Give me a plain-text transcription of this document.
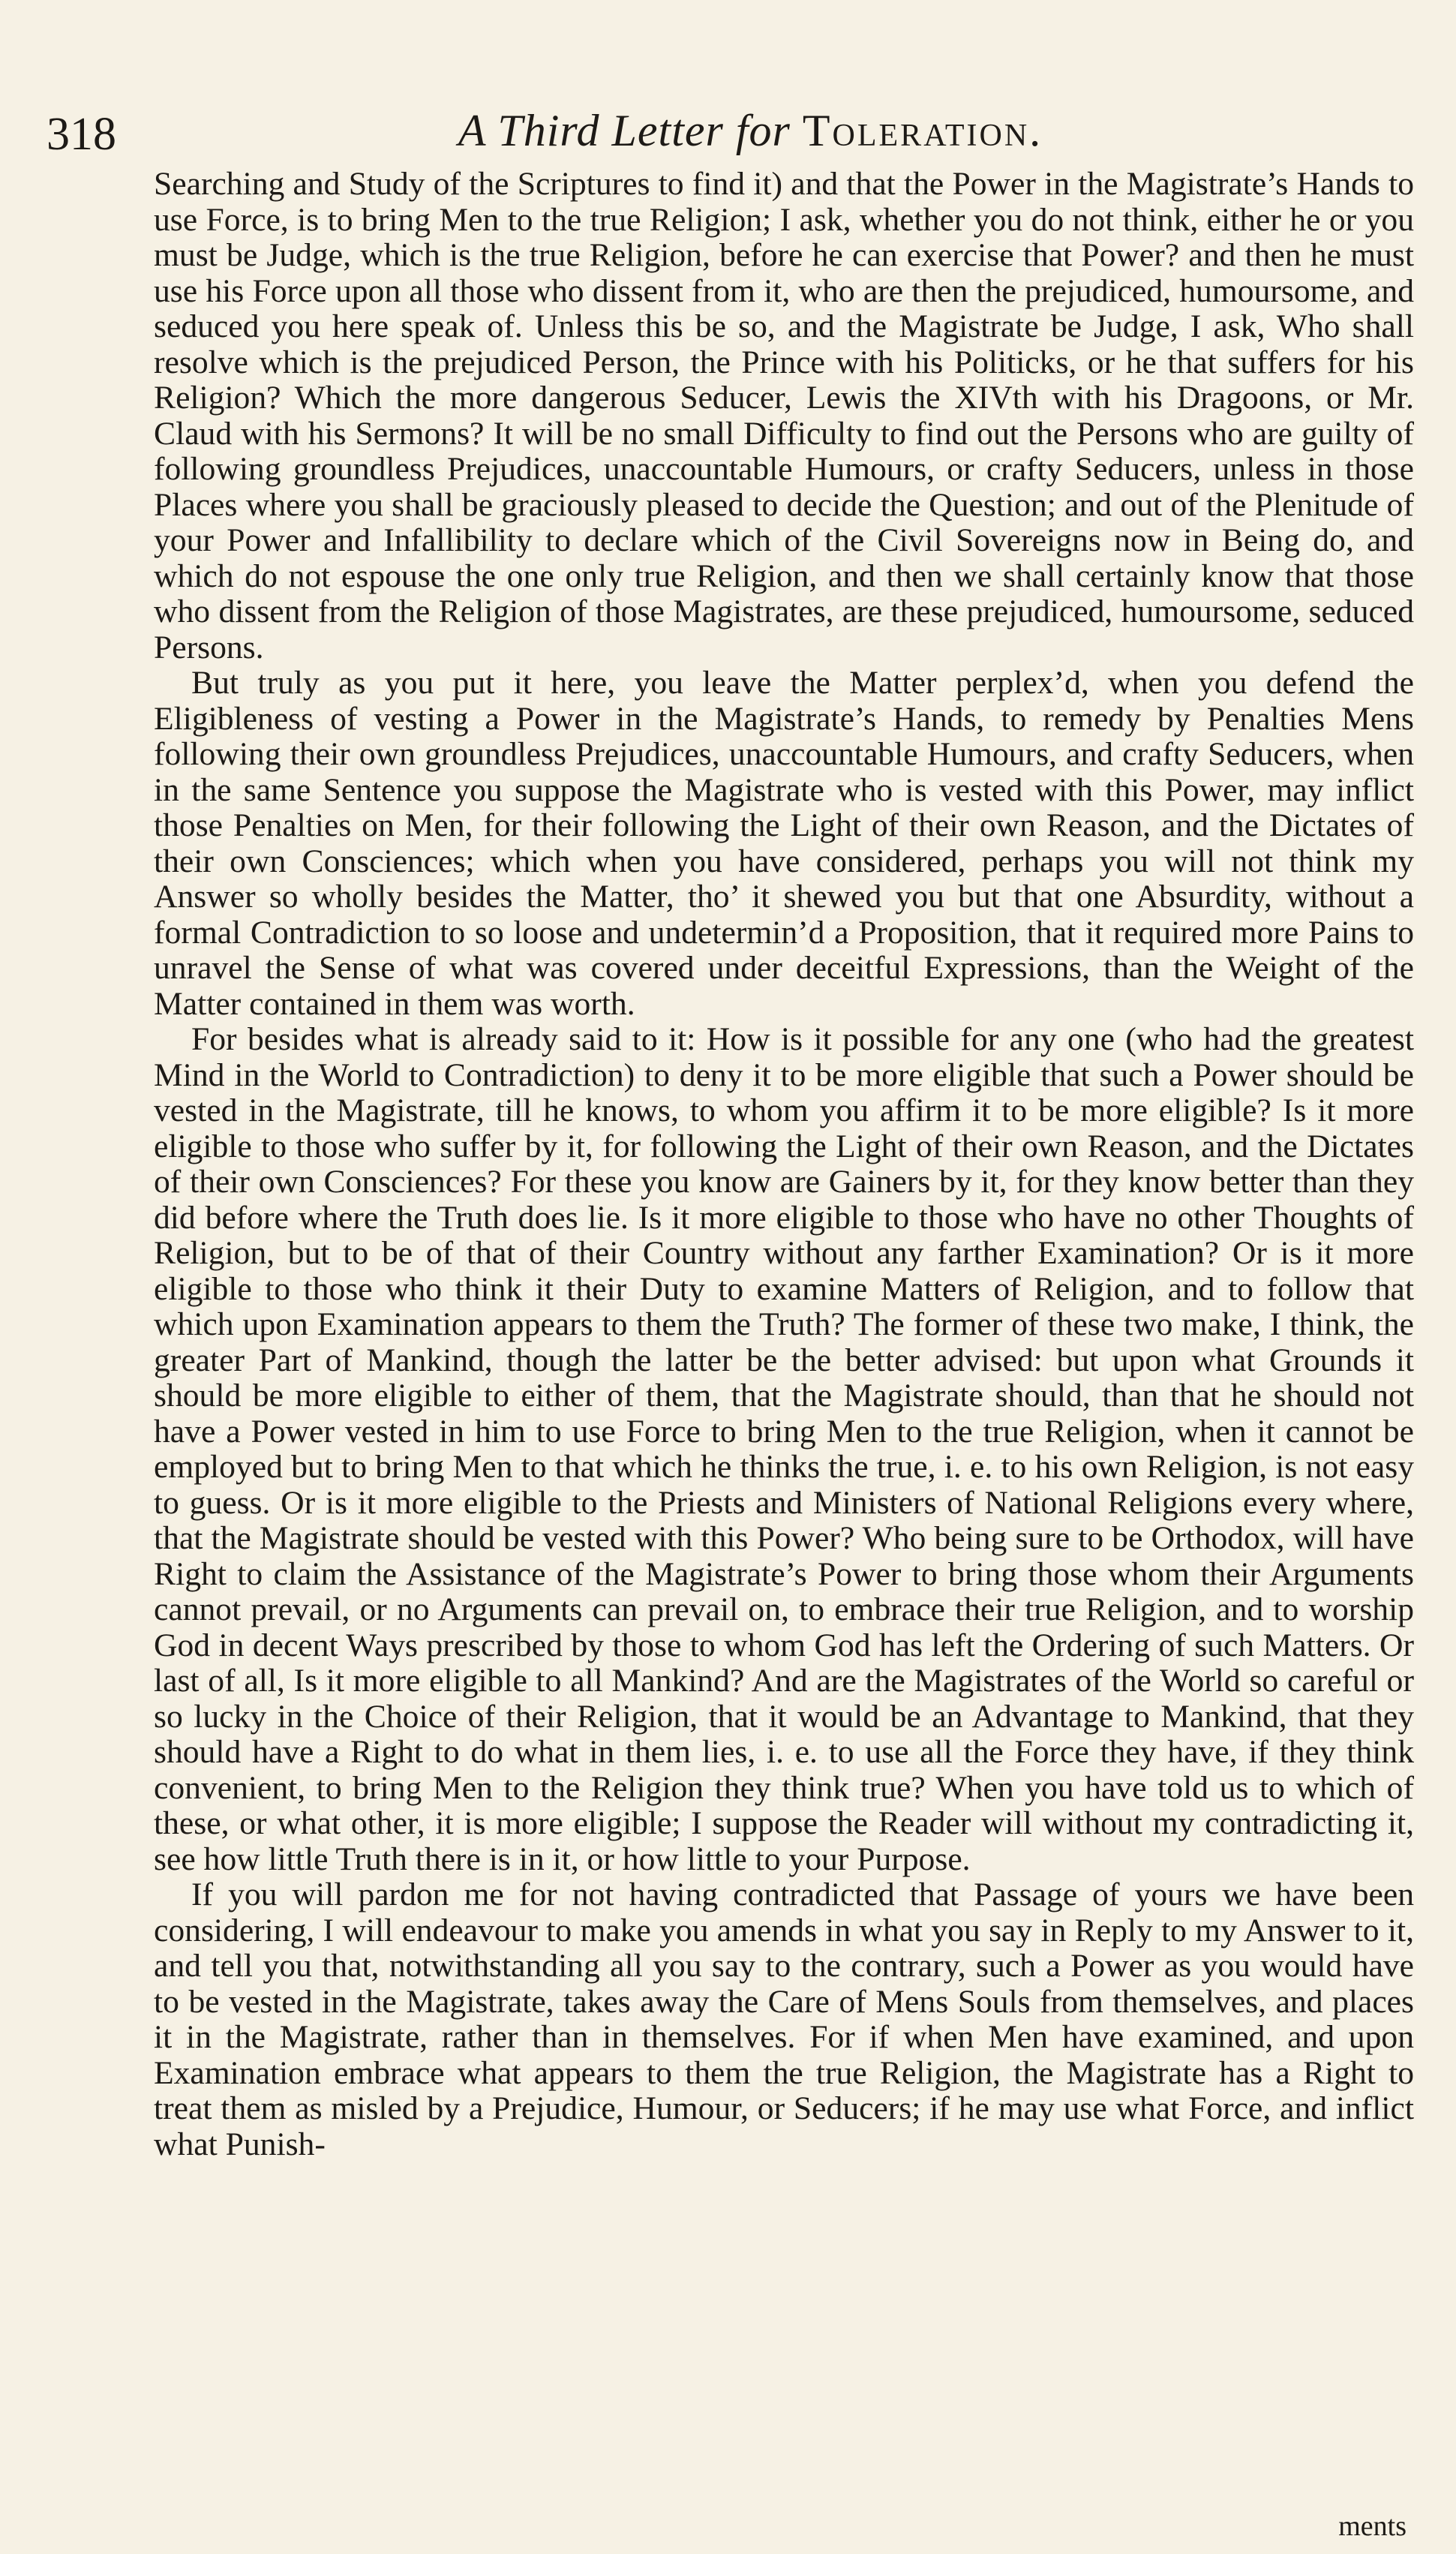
318	A Third Letter for Toleration.

Searching and Study of the Scriptures to find it) and that the Power in the Magistrate’s Hands to use Force, is to bring Men to the true Religion; I ask, whether you do not think, either he or you must be Judge, which is the true Religion, before he can exercise that Power? and then he must use his Force upon all those who dissent from it, who are then the prejudiced, humoursome, and seduced you here speak of. Unless this be so, and the Magistrate be Judge, I ask, Who shall resolve which is the prejudiced Person, the Prince with his Politicks, or he that suffers for his Religion? Which the more dangerous Seducer, Lewis the XIVth with his Dragoons, or Mr. Claud with his Sermons? It will be no small Difficulty to find out the Persons who are guilty of following groundless Prejudices, unaccountable Humours, or crafty Seducers, unless in those Places where you shall be graciously pleased to decide the Question; and out of the Plenitude of your Power and Infallibility to declare which of the Civil Sovereigns now in Being do, and which do not espouse the one only true Religion, and then we shall certainly know that those who dissent from the Religion of those Magistrates, are these prejudiced, humoursome, seduced Persons.

But truly as you put it here, you leave the Matter perplex’d, when you defend the Eligibleness of vesting a Power in the Magistrate’s Hands, to remedy by Penalties Mens following their own groundless Prejudices, unaccountable Humours, and crafty Seducers, when in the same Sentence you suppose the Magistrate who is vested with this Power, may inflict those Penalties on Men, for their following the Light of their own Reason, and the Dictates of their own Consciences; which when you have considered, perhaps you will not think my Answer so wholly besides the Matter, tho’ it shewed you but that one Absurdity, without a formal Contradiction to so loose and undetermin’d a Proposition, that it required more Pains to unravel the Sense of what was covered under deceitful Expressions, than the Weight of the Matter contained in them was worth.

For besides what is already said to it: How is it possible for any one (who had the greatest Mind in the World to Contradiction) to deny it to be more eligible that such a Power should be vested in the Magistrate, till he knows, to whom you affirm it to be more eligible? Is it more eligible to those who suffer by it, for following the Light of their own Reason, and the Dictates of their own Consciences? For these you know are Gainers by it, for they know better than they did before where the Truth does lie. Is it more eligible to those who have no other Thoughts of Religion, but to be of that of their Country without any farther Examination? Or is it more eligible to those who think it their Duty to examine Matters of Religion, and to follow that which upon Examination appears to them the Truth? The former of these two make, I think, the greater Part of Mankind, though the latter be the better advised: but upon what Grounds it should be more eligible to either of them, that the Magistrate should, than that he should not have a Power vested in him to use Force to bring Men to the true Religion, when it cannot be employed but to bring Men to that which he thinks the true, i. e. to his own Religion, is not easy to guess. Or is it more eligible to the Priests and Ministers of National Religions every where, that the Magistrate should be vested with this Power? Who being sure to be Orthodox, will have Right to claim the Assistance of the Magistrate’s Power to bring those whom their Arguments cannot prevail, or no Arguments can prevail on, to embrace their true Religion, and to worship God in decent Ways prescribed by those to whom God has left the Ordering of such Matters. Or last of all, Is it more eligible to all Mankind? And are the Magistrates of the World so careful or so lucky in the Choice of their Religion, that it would be an Advantage to Mankind, that they should have a Right to do what in them lies, i. e. to use all the Force they have, if they think convenient, to bring Men to the Religion they think true? When you have told us to which of these, or what other, it is more eligible; I suppose the Reader will without my contradicting it, see how little Truth there is in it, or how little to your Purpose.

If you will pardon me for not having contradicted that Passage of yours we have been considering, I will endeavour to make you amends in what you say in Reply to my Answer to it, and tell you that, notwithstanding all you say to the contrary, such a Power as you would have to be vested in the Magistrate, takes away the Care of Mens Souls from themselves, and places it in the Magistrate, rather than in themselves. For if when Men have examined, and upon Examination embrace what appears to them the true Religion, the Magistrate has a Right to treat them as misled by a Prejudice, Humour, or Seducers; if he may use what Force, and inflict what Punish-

ments
